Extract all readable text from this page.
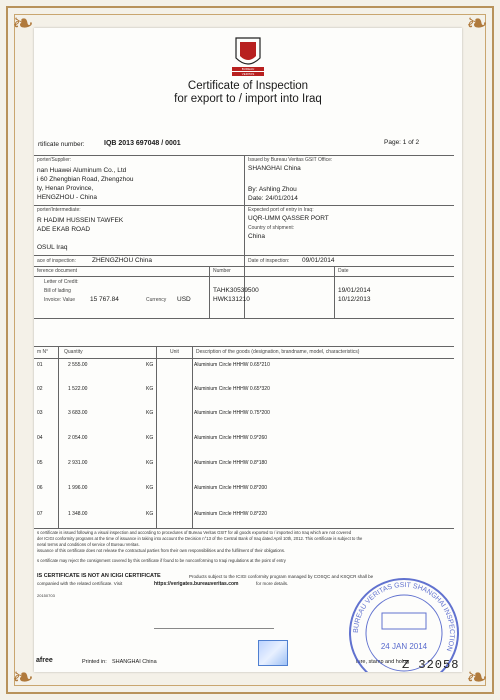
❧	❧
❧	❧
BUREAU
VERITAS
Certificate of Inspection
for export to / import into Iraq
rtificate number:	IQB 2013 697048 / 0001	Page: 1 of 2
porter/Supplier:
nan Huawei Aluminum Co., Ltd
i 60 Zhengbian Road, Zhengzhou
ty, Henan Province,
HENGZHOU - China
Issued by Bureau Veritas GSIT Office:
SHANGHAI China
By: Ashling Zhou
Date: 24/01/2014
porter/Intermediate:
R HADIM HUSSEIN TAWFEK
ADE EKAB ROAD
OSUL Iraq
Expected port of entry in Iraq:
UQR-UMM QASSER PORT
Country of shipment:
China
ace of inspection: ZHENGZHOU China	Date of inspection: 09/01/2014
ference document	Number	Date
Letter of Credit:
Bill of lading	TAHK30539500	19/01/2014
Invoice: Value 15 767.84	Currency USD	HWK131210	10/12/2013
m N°	Quantity	Unit	Description of the goods (designation, brandname, model, characteristics)
01	2 555.00	KG	Aluminium Circle HHHW 0.65*210
02	1 522.00	KG	Aluminium Circle HHHW 0.65*320
03	3 683.00	KG	Aluminium Circle HHHW 0.75*200
04	2 054.00	KG	Aluminium Circle HHHW 0.9*260
05	2 931.00	KG	Aluminium Circle HHHW 0.8*180
06	1 996.00	KG	Aluminium Circle HHHW 0.8*200
07	1 348.00	KG	Aluminium Circle HHHW 0.8*220
s certificate is issued following a visual inspection and according to procedures of Bureau Veritas GSIT for all goods exported to / imported into Iraq which are not covered
der ICIGI conformity programs at the time of issuance in taking into account the Decision n°13 of the Central Bank of Iraq dated April 10th, 2012. This certificate is subject to the
neral terms and conditions of service of Bureau Veritas.
issuance of this certificate does not release the contractual parties from their own responsibilities and the fulfilment of their obligations.
s certificate may reject the consignment covered by this certificate if found to be nonconforming to Iraqi regulations at the point of entry
IS CERTIFICATE IS NOT AN ICIGI CERTIFICATE	Products subject to the ICIGI conformity program managed by COSQC and KSQCR shall be
companied with the related certificate. Visit	https://verigates.bureauveritas.com	for more details.
20150703
afree	Printed in: SHANGHAI China	ture, stamp and holog
BUREAU VERITAS GSIT SHANGHAI INSPECTION
24 JAN 2014
Z 32058
